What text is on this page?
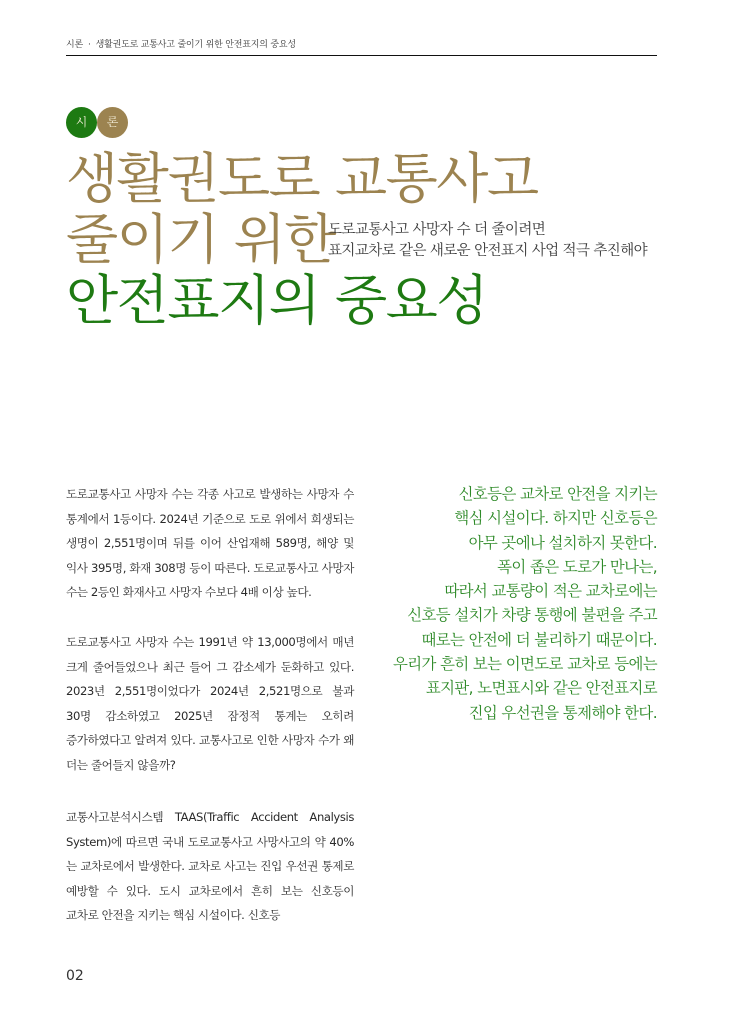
시론 · 생활권도로 교통사고 줄이기 위한 안전표지의 중요성
시	론
생활권도로 교통사고
줄이기 위한
안전표지의 중요성
도로교통사고 사망자 수 더 줄이려면
표지교차로 같은 새로운 안전표지 사업 적극 추진해야

도로교통사고 사망자 수는 각종 사고로 발생하는 사망자 수 통계에서 1등이다. 2024년 기준으로 도로 위에서 희생되는 생명이 2,551명이며 뒤를 이어 산업재해 589명, 해양 및 익사 395명, 화재 308명 등이 따른다. 도로교통사고 사망자 수는 2등인 화재사고 사망자 수보다 4배 이상 높다.

도로교통사고 사망자 수는 1991년 약 13,000명에서 매년 크게 줄어들었으나 최근 들어 그 감소세가 둔화하고 있다. 2023년 2,551명이었다가 2024년 2,521명으로 불과 30명 감소하였고 2025년 잠정적 통계는 오히려 증가하였다고 알려져 있다. 교통사고로 인한 사망자 수가 왜 더는 줄어들지 않을까?

교통사고분석시스템 TAAS(Traffic Accident Analysis System)에 따르면 국내 도로교통사고 사망사고의 약 40%는 교차로에서 발생한다. 교차로 사고는 진입 우선권 통제로 예방할 수 있다. 도시 교차로에서 흔히 보는 신호등이 교차로 안전을 지키는 핵심 시설이다. 신호등

신호등은 교차로 안전을 지키는
핵심 시설이다. 하지만 신호등은
아무 곳에나 설치하지 못한다.
폭이 좁은 도로가 만나는,
따라서 교통량이 적은 교차로에는
신호등 설치가 차량 통행에 불편을 주고
때로는 안전에 더 불리하기 때문이다.
우리가 흔히 보는 이면도로 교차로 등에는
표지판, 노면표시와 같은 안전표지로
진입 우선권을 통제해야 한다.
02
